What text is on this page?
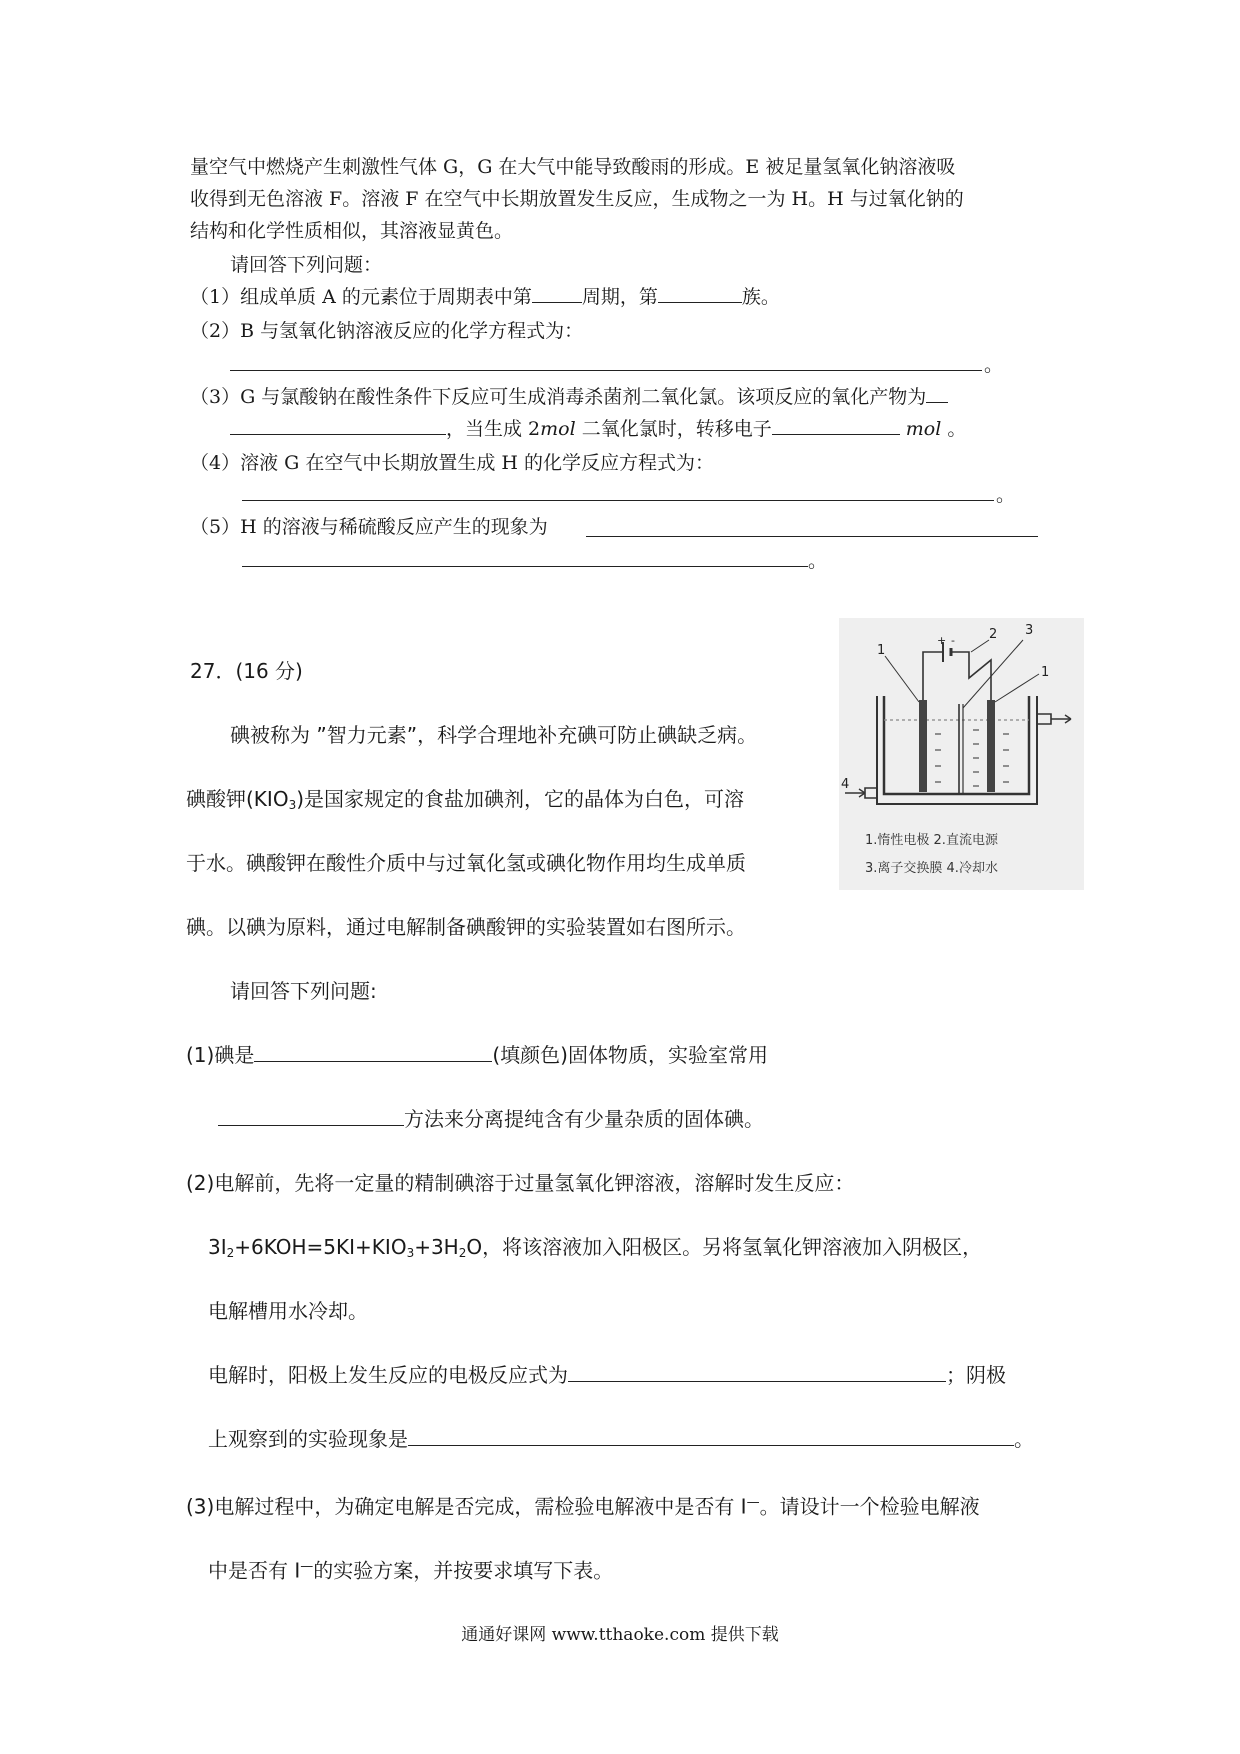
量空气中燃烧产生刺激性气体 G，G 在大气中能导致酸雨的形成。E 被足量氢氧化钠溶液吸
收得到无色溶液 F。溶液 F 在空气中长期放置发生反应，生成物之一为 H。H 与过氧化钠的
结构和化学性质相似，其溶液显黄色。
请回答下列问题：
（1）组成单质 A 的元素位于周期表中第	周期，第	族。
（2）B 与氢氧化钠溶液反应的化学方程式为：
。
（3）G 与氯酸钠在酸性条件下反应可生成消毒杀菌剂二氧化氯。该项反应的氧化产物为
，当生成 2mol 二氧化氯时，转移电子	mol 。
（4）溶液 G 在空气中长期放置生成 H 的化学反应方程式为：
。
（5）H 的溶液与稀硫酸反应产生的现象为
。
27．(16 分)
碘被称为 ”智力元素”，科学合理地补充碘可防止碘缺乏病。
碘酸钾$(KIO_3)$是国家规定的食盐加碘剂，它的晶体为白色，可溶
于水。碘酸钾在酸性介质中与过氧化氢或碘化物作用均生成单质
碘。以碘为原料，通过电解制备碘酸钾的实验装置如右图所示。
1
2 3
1
4
+ -
1.惰性电极 2.直流电源
3.离子交换膜 4.冷却水
请回答下列问题:
(1)碘是	(填颜色)固体物质，实验室常用
方法来分离提纯含有少量杂质的固体碘。
(2)电解前，先将一定量的精制碘溶于过量氢氧化钾溶液，溶解时发生反应：
$3I_2+6KOH=5KI+KIO_3+3H_2O$，将该溶液加入阳极区。另将氢氧化钾溶液加入阴极区，
电解槽用水冷却。
电解时，阳极上发生反应的电极反应式为	；阴极
上观察到的实验现象是	。
(3)电解过程中，为确定电解是否完成，需检验电解液中是否有 I—。请设计一个检验电解液
中是否有 I—的实验方案，并按要求填写下表。
通通好课网 www.tthaoke.com 提供下载
